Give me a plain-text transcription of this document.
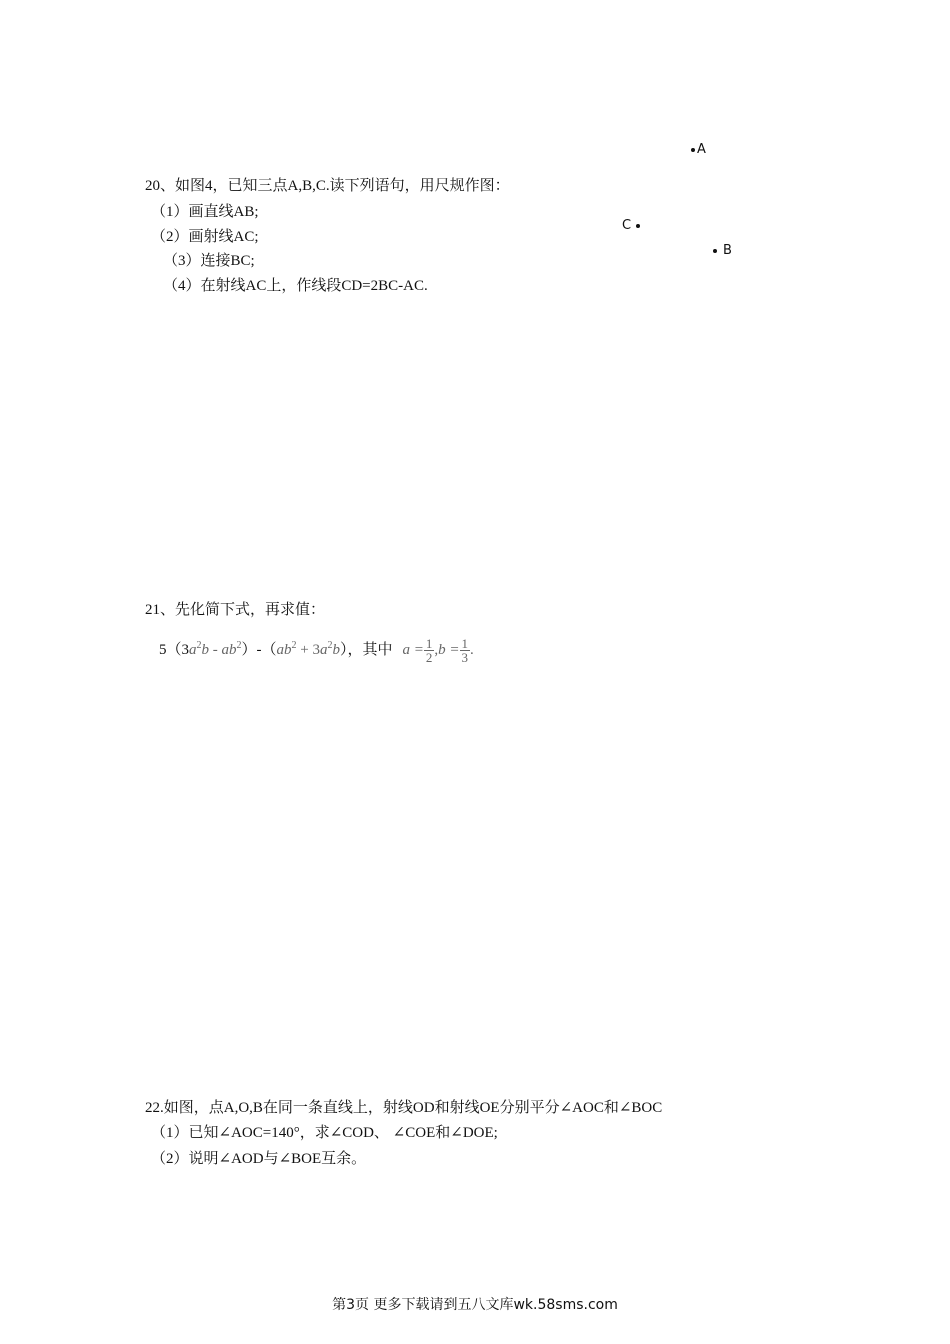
A
C
B
20、如图4，已知三点A,B,C.读下列语句，用尺规作图：
（1）画直线AB;
（2）画射线AC;
（3）连接BC;
（4）在射线AC上，作线段CD=2BC-AC.
21、先化简下式，再求值：
$5(3a^2b - ab^2)-(ab^2 + 3a^2b)$，其中 $a = \frac{1}{2} ,b = \frac{1}{3}$ .
22.如图，点A,O,B在同一条直线上，射线OD和射线OE分别平分∠AOC和∠BOC
（1）已知∠AOC=140°，求∠COD、 ∠COE和∠DOE;
（2）说明∠AOD与∠BOE互余。
第3页 更多下载请到五八文库wk.58sms.com
